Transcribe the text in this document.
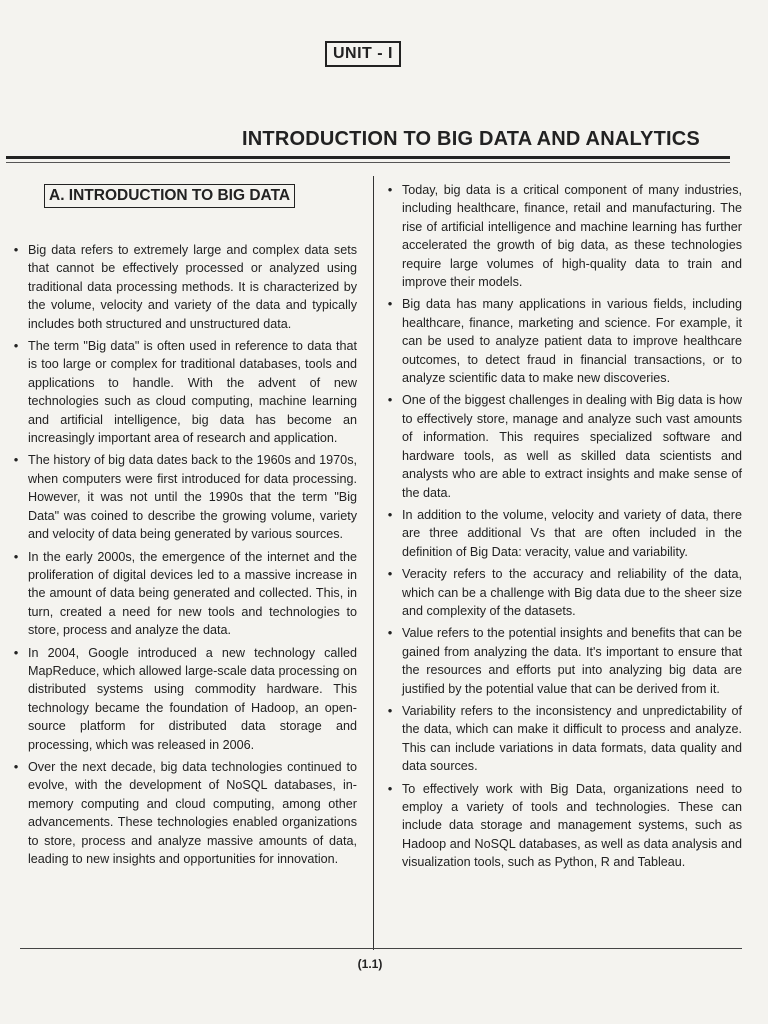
UNIT - I
INTRODUCTION TO BIG DATA AND ANALYTICS
A. INTRODUCTION TO BIG DATA
• Big data refers to extremely large and complex data sets that cannot be effectively processed or analyzed using traditional data processing methods. It is characterized by the volume, velocity and variety of the data and typically includes both structured and unstructured data.
• The term "Big data" is often used in reference to data that is too large or complex for traditional databases, tools and applications to handle. With the advent of new technologies such as cloud computing, machine learning and artificial intelligence, big data has become an increasingly important area of research and application.
• The history of big data dates back to the 1960s and 1970s, when computers were first introduced for data processing. However, it was not until the 1990s that the term "Big Data" was coined to describe the growing volume, variety and velocity of data being generated by various sources.
• In the early 2000s, the emergence of the internet and the proliferation of digital devices led to a massive increase in the amount of data being generated and collected. This, in turn, created a need for new tools and technologies to store, process and analyze the data.
• In 2004, Google introduced a new technology called MapReduce, which allowed large-scale data processing on distributed systems using commodity hardware. This technology became the foundation of Hadoop, an open-source platform for distributed data storage and processing, which was released in 2006.
• Over the next decade, big data technologies continued to evolve, with the development of NoSQL databases, in-memory computing and cloud computing, among other advancements. These technologies enabled organizations to store, process and analyze massive amounts of data, leading to new insights and opportunities for innovation.
• Today, big data is a critical component of many industries, including healthcare, finance, retail and manufacturing. The rise of artificial intelligence and machine learning has further accelerated the growth of big data, as these technologies require large volumes of high-quality data to train and improve their models.
• Big data has many applications in various fields, including healthcare, finance, marketing and science. For example, it can be used to analyze patient data to improve healthcare outcomes, to detect fraud in financial transactions, or to analyze scientific data to make new discoveries.
• One of the biggest challenges in dealing with Big data is how to effectively store, manage and analyze such vast amounts of information. This requires specialized software and hardware tools, as well as skilled data scientists and analysts who are able to extract insights and make sense of the data.
• In addition to the volume, velocity and variety of data, there are three additional Vs that are often included in the definition of Big Data: veracity, value and variability.
• Veracity refers to the accuracy and reliability of the data, which can be a challenge with Big data due to the sheer size and complexity of the datasets.
• Value refers to the potential insights and benefits that can be gained from analyzing the data. It's important to ensure that the resources and efforts put into analyzing big data are justified by the potential value that can be derived from it.
• Variability refers to the inconsistency and unpredictability of the data, which can make it difficult to process and analyze. This can include variations in data formats, data quality and data sources.
• To effectively work with Big Data, organizations need to employ a variety of tools and technologies. These can include data storage and management systems, such as Hadoop and NoSQL databases, as well as data analysis and visualization tools, such as Python, R and Tableau.
(1.1)
